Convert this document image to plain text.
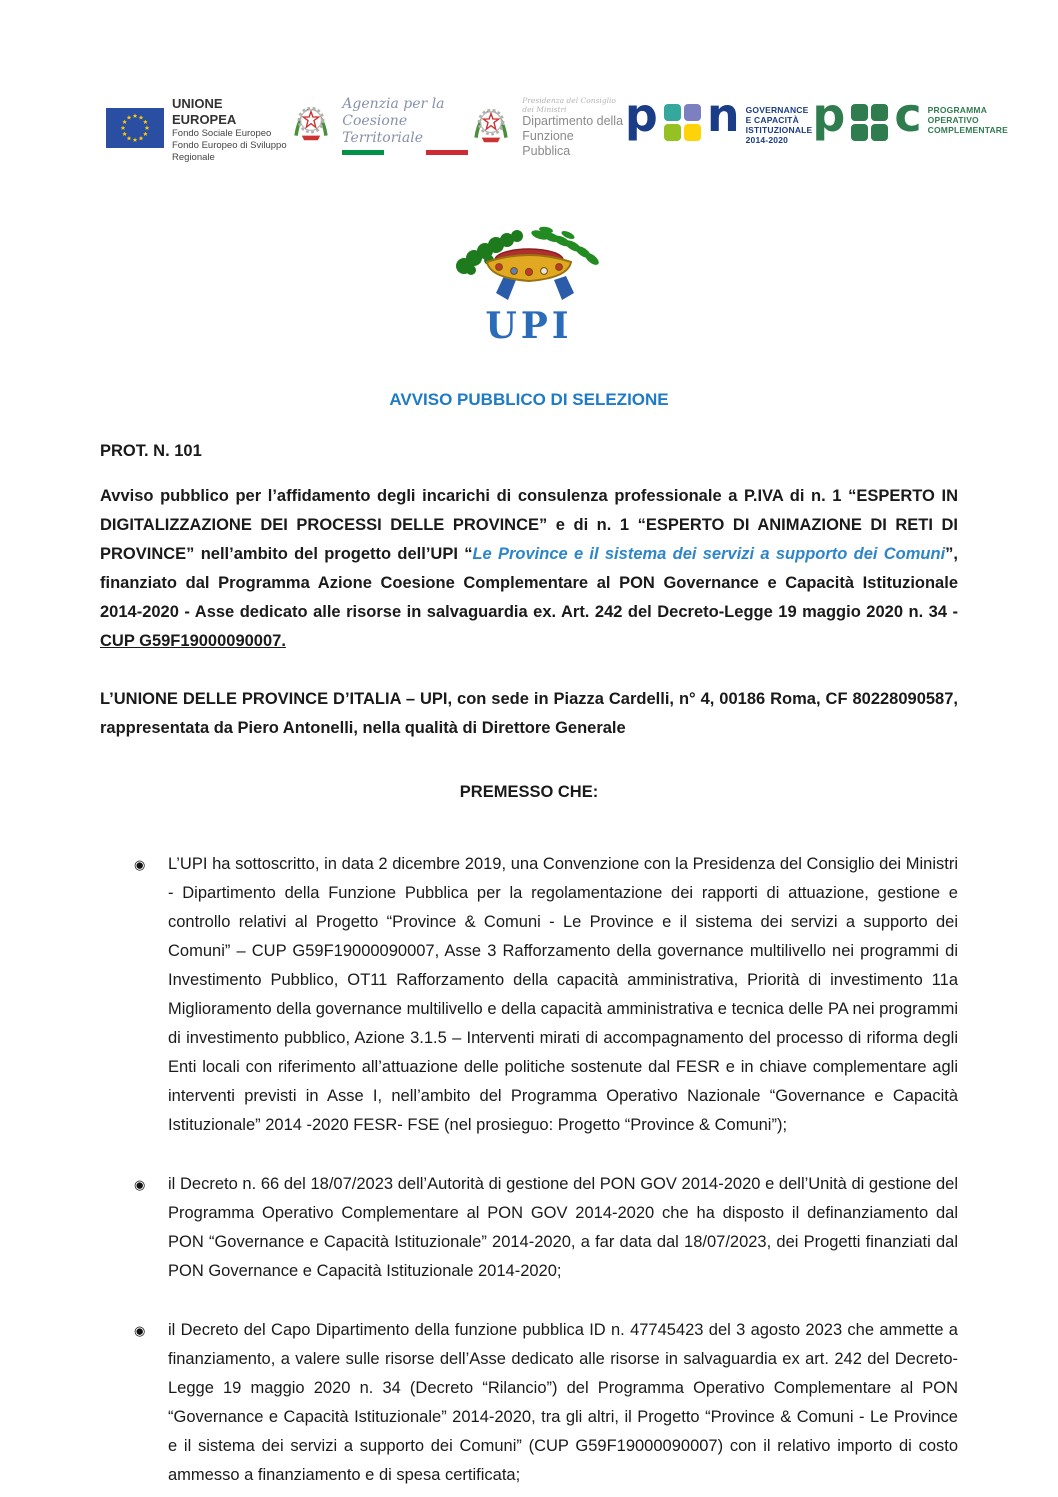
UNIONE EUROPEA
Fondo Sociale Europeo
Fondo Europeo di Sviluppo Regionale
Agenzia per la
Coesione Territoriale
Presidenza del Consiglio dei Ministri
Dipartimento della
Funzione Pubblica
p n GOVERNANCE
E CAPACITÀ
ISTITUZIONALE
2014-2020 p c PROGRAMMA
OPERATIVO
COMPLEMENTARE
UPI
AVVISO PUBBLICO DI SELEZIONE
PROT. N. 101

Avviso pubblico per l’affidamento degli incarichi di consulenza professionale a P.IVA di n. 1 “ESPERTO IN DIGITALIZZAZIONE DEI PROCESSI DELLE PROVINCE” e di n. 1 “ESPERTO DI ANIMAZIONE DI RETI DI PROVINCE” nell’ambito del progetto dell’UPI “Le Province e il sistema dei servizi a supporto dei Comuni”, finanziato dal Programma Azione Coesione Complementare al PON Governance e Capacità Istituzionale 2014-2020 - Asse dedicato alle risorse in salvaguardia ex. Art. 242 del Decreto-Legge 19 maggio 2020 n. 34 - CUP G59F19000090007.

L’UNIONE DELLE PROVINCE D’ITALIA – UPI, con sede in Piazza Cardelli, n° 4, 00186 Roma, CF 80228090587, rappresentata da Piero Antonelli, nella qualità di Direttore Generale

PREMESSO CHE:
◉	L’UPI ha sottoscritto, in data 2 dicembre 2019, una Convenzione con la Presidenza del Consiglio dei Ministri - Dipartimento della Funzione Pubblica per la regolamentazione dei rapporti di attuazione, gestione e controllo relativi al Progetto “Province & Comuni - Le Province e il sistema dei servizi a supporto dei Comuni” – CUP G59F19000090007, Asse 3 Rafforzamento della governance multilivello nei programmi di Investimento Pubblico, OT11 Rafforzamento della capacità amministrativa, Priorità di investimento 11a Miglioramento della governance multilivello e della capacità amministrativa e tecnica delle PA nei programmi di investimento pubblico, Azione 3.1.5 – Interventi mirati di accompagnamento del processo di riforma degli Enti locali con riferimento all’attuazione delle politiche sostenute dal FESR e in chiave complementare agli interventi previsti in Asse I, nell’ambito del Programma Operativo Nazionale “Governance e Capacità Istituzionale” 2014 -2020 FESR- FSE (nel prosieguo: Progetto “Province & Comuni”);
◉	il Decreto n. 66 del 18/07/2023 dell’Autorità di gestione del PON GOV 2014-2020 e dell’Unità di gestione del Programma Operativo Complementare al PON GOV 2014-2020 che ha disposto il definanziamento dal PON “Governance e Capacità Istituzionale” 2014-2020, a far data dal 18/07/2023, dei Progetti finanziati dal PON Governance e Capacità Istituzionale 2014-2020;
◉	il Decreto del Capo Dipartimento della funzione pubblica ID n. 47745423 del 3 agosto 2023 che ammette a finanziamento, a valere sulle risorse dell’Asse dedicato alle risorse in salvaguardia ex art. 242 del Decreto-Legge 19 maggio 2020 n. 34 (Decreto “Rilancio”) del Programma Operativo Complementare al PON “Governance e Capacità Istituzionale” 2014-2020, tra gli altri, il Progetto “Province & Comuni - Le Province e il sistema dei servizi a supporto dei Comuni” (CUP G59F19000090007) con il relativo importo di costo ammesso a finanziamento e di spesa certificata;
